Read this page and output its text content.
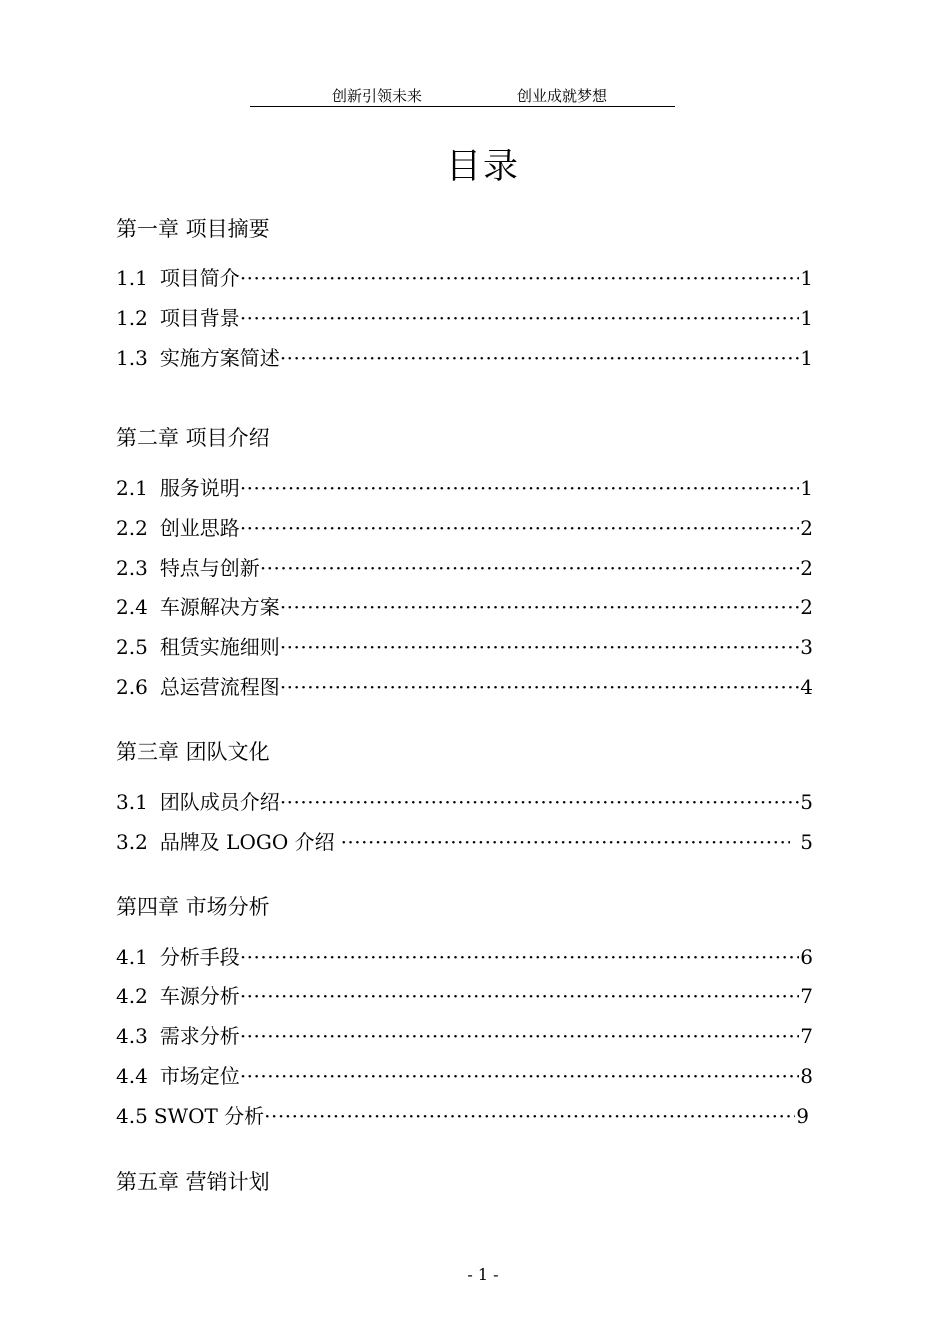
创新引领未来	创业成就梦想
目录
第一章 项目摘要
1.1 项目简介 ·····	1
1.2 项目背景 ·····	1
1.3 实施方案简述 ·····	1
第二章 项目介绍
2.1 服务说明 ·····	1
2.2 创业思路 ·····	2
2.3 特点与创新 ·····	2
2.4 车源解决方案 ·····	2
2.5 租赁实施细则 ·····	3
2.6 总运营流程图 ·····	4
第三章 团队文化
3.1 团队成员介绍 ·····	5
3.2 品牌及 LOGO 介绍 ·····	5
第四章 市场分析
4.1 分析手段 ·····	6
4.2 车源分析 ·····	7
4.3 需求分析 ·····	7
4.4 市场定位 ·····	8
4.5 SWOT 分析 ·····	9
第五章 营销计划
- 1 -
